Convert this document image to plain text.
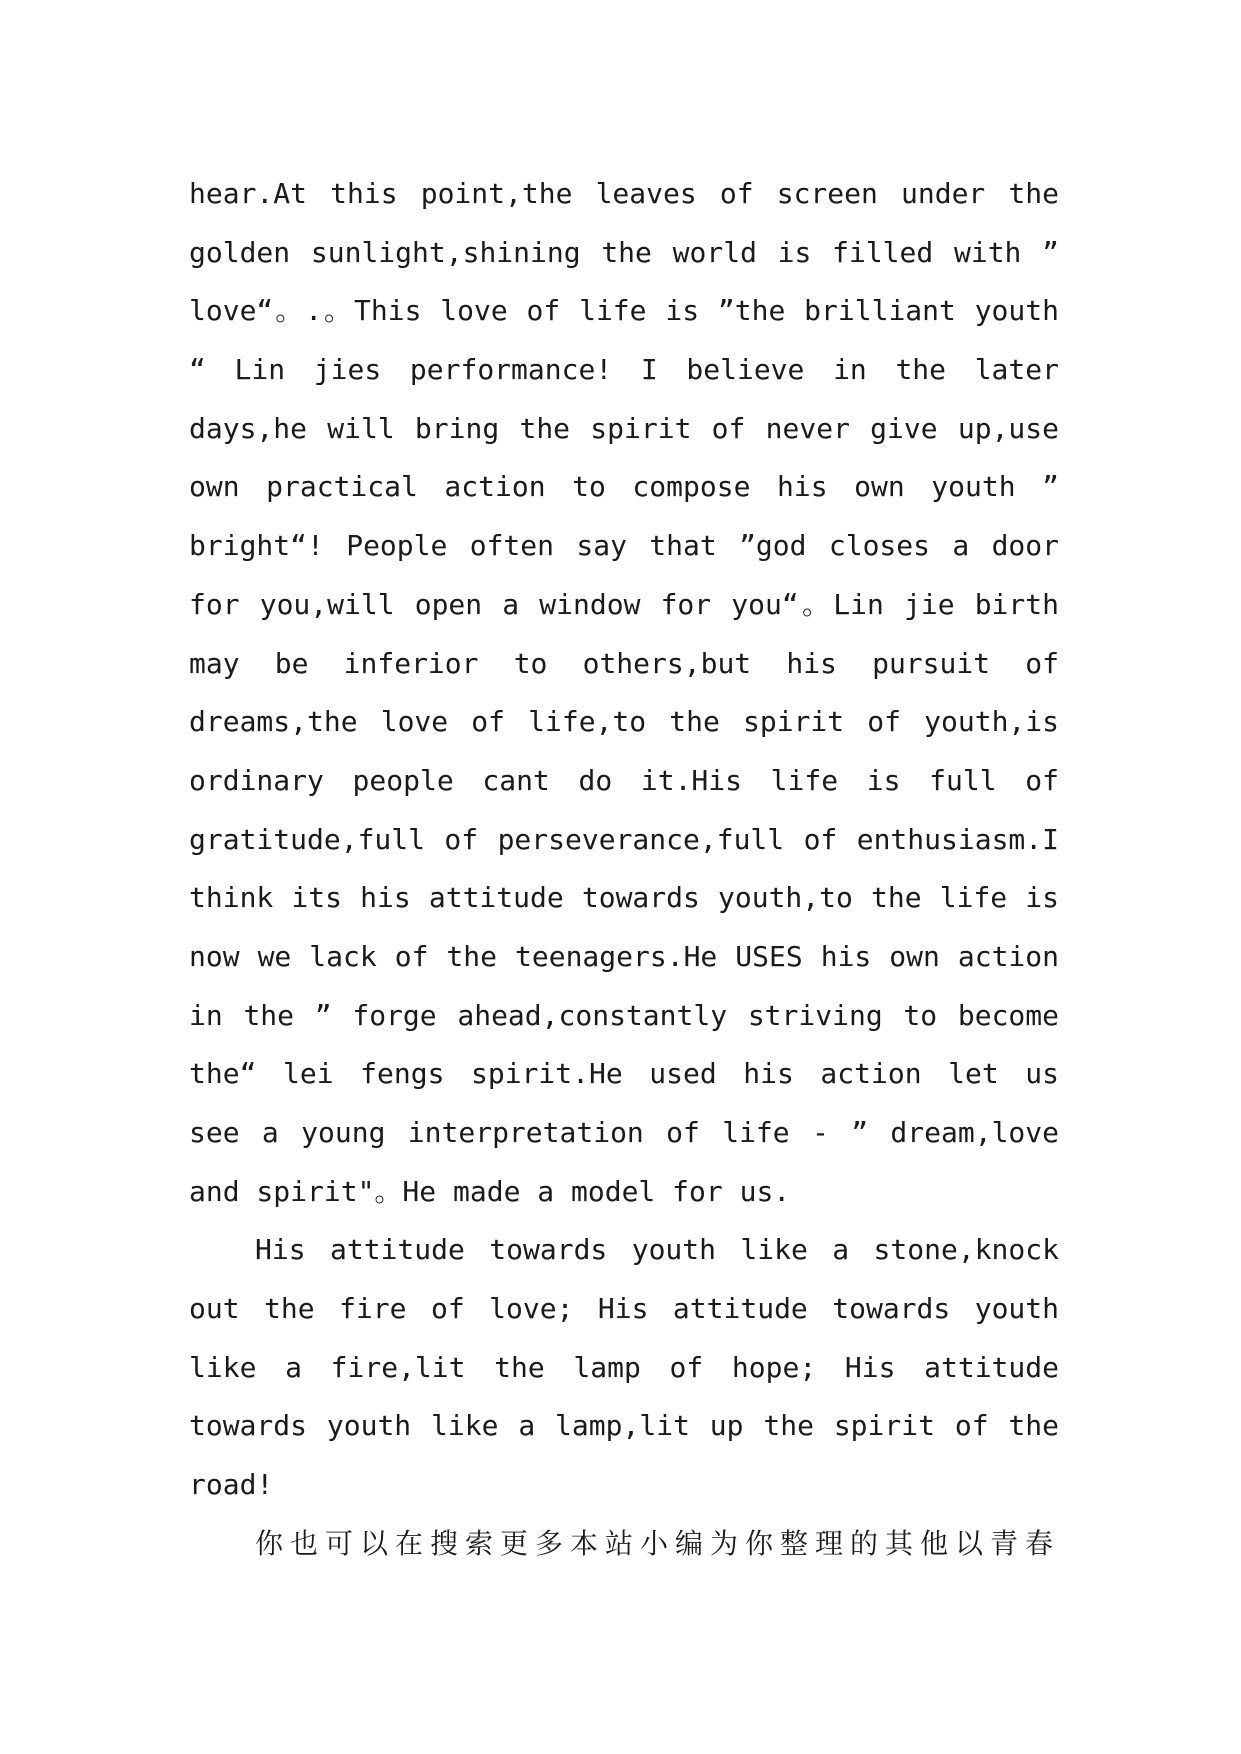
hear.At this point,the leaves of screen under the
golden sunlight,shining the world is filled with ”
love“。.。This love of life is ”the brilliant youth
“ Lin jies performance! I believe in the later
days,he will bring the spirit of never give up,use
own practical action to compose his own youth ”
bright“! People often say that ”god closes a door
for you,will open a window for you“。Lin jie birth
may be inferior to others,but his pursuit of
dreams,the love of life,to the spirit of youth,is
ordinary people cant do it.His life is full of
gratitude,full of perseverance,full of enthusiasm.I
think its his attitude towards youth,to the life is
now we lack of the teenagers.He USES his own action
in the ” forge ahead,constantly striving to become
the“ lei fengs spirit.He used his action let us
see a young interpretation of life - ” dream,love
and spirit"。He made a model for us.
His attitude towards youth like a stone,knock
out the fire of love; His attitude towards youth
like a fire,lit the lamp of hope; His attitude
towards youth like a lamp,lit up the spirit of the
road!
你也可以在搜索更多本站小编为你整理的其他以青春
